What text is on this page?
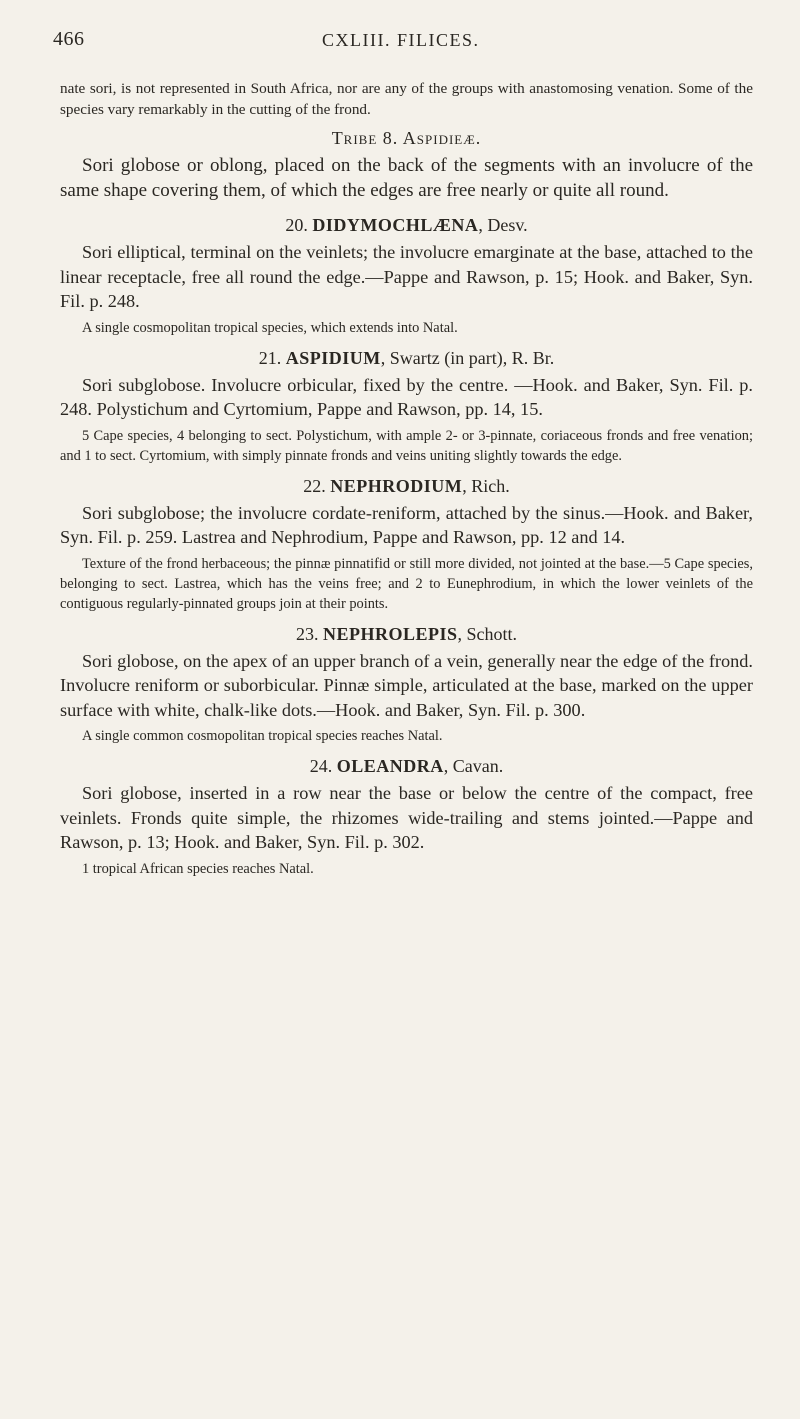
466	CXLIII. FILICES.

nate sori, is not represented in South Africa, nor are any of the groups with anastomosing venation. Some of the species vary remarkably in the cutting of the frond.

Tribe 8. Aspidieæ.

Sori globose or oblong, placed on the back of the segments with an involucre of the same shape covering them, of which the edges are free nearly or quite all round.

20. DIDYMOCHLÆNA, Desv.

Sori elliptical, terminal on the veinlets; the involucre emarginate at the base, attached to the linear receptacle, free all round the edge.—Pappe and Rawson, p. 15; Hook. and Baker, Syn. Fil. p. 248.

A single cosmopolitan tropical species, which extends into Natal.

21. ASPIDIUM, Swartz (in part), R. Br.

Sori subglobose. Involucre orbicular, fixed by the centre. —Hook. and Baker, Syn. Fil. p. 248. Polystichum and Cyrtomium, Pappe and Rawson, pp. 14, 15.

5 Cape species, 4 belonging to sect. Polystichum, with ample 2- or 3-pinnate, coriaceous fronds and free venation; and 1 to sect. Cyrtomium, with simply pinnate fronds and veins uniting slightly towards the edge.

22. NEPHRODIUM, Rich.

Sori subglobose; the involucre cordate-reniform, attached by the sinus.—Hook. and Baker, Syn. Fil. p. 259. Lastrea and Nephrodium, Pappe and Rawson, pp. 12 and 14.

Texture of the frond herbaceous; the pinnæ pinnatifid or still more divided, not jointed at the base.—5 Cape species, belonging to sect. Lastrea, which has the veins free; and 2 to Eunephrodium, in which the lower veinlets of the contiguous regularly-pinnated groups join at their points.

23. NEPHROLEPIS, Schott.

Sori globose, on the apex of an upper branch of a vein, generally near the edge of the frond. Involucre reniform or suborbicular. Pinnæ simple, articulated at the base, marked on the upper surface with white, chalk-like dots.—Hook. and Baker, Syn. Fil. p. 300.

A single common cosmopolitan tropical species reaches Natal.

24. OLEANDRA, Cavan.

Sori globose, inserted in a row near the base or below the centre of the compact, free veinlets. Fronds quite simple, the rhizomes wide-trailing and stems jointed.—Pappe and Rawson, p. 13; Hook. and Baker, Syn. Fil. p. 302.

1 tropical African species reaches Natal.
